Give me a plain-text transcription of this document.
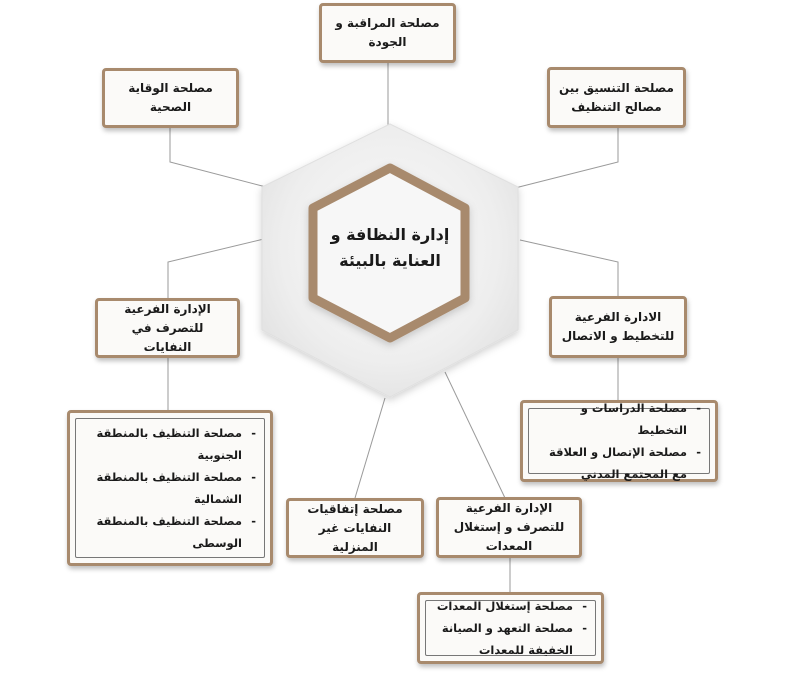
إدارة النظافة و العناية بالبيئة
مصلحة المراقبة و الجودة
مصلحة الوقاية الصحية
مصلحة التنسيق بين مصالح التنظيف
الإدارة الفرعية للتصرف في النفايات
الادارة الفرعية للتخطيط و الاتصال
مصلحة إتفاقيات النفايات غير المنزلية
الإدارة الفرعية للتصرف و إستغلال المعدات
-
مصلحة التنظيف بالمنطقة الجنوبية
-
مصلحة التنظيف بالمنطقة الشمالية
-
مصلحة التنظيف بالمنطقة الوسطى
-
مصلحة الدراسات و التخطيط
-
مصلحة الإتصال و العلاقة مع المجتمع المدني
-
مصلحة إستغلال المعدات
-
مصلحة التعهد و الصيانة الخفيفة للمعدات
